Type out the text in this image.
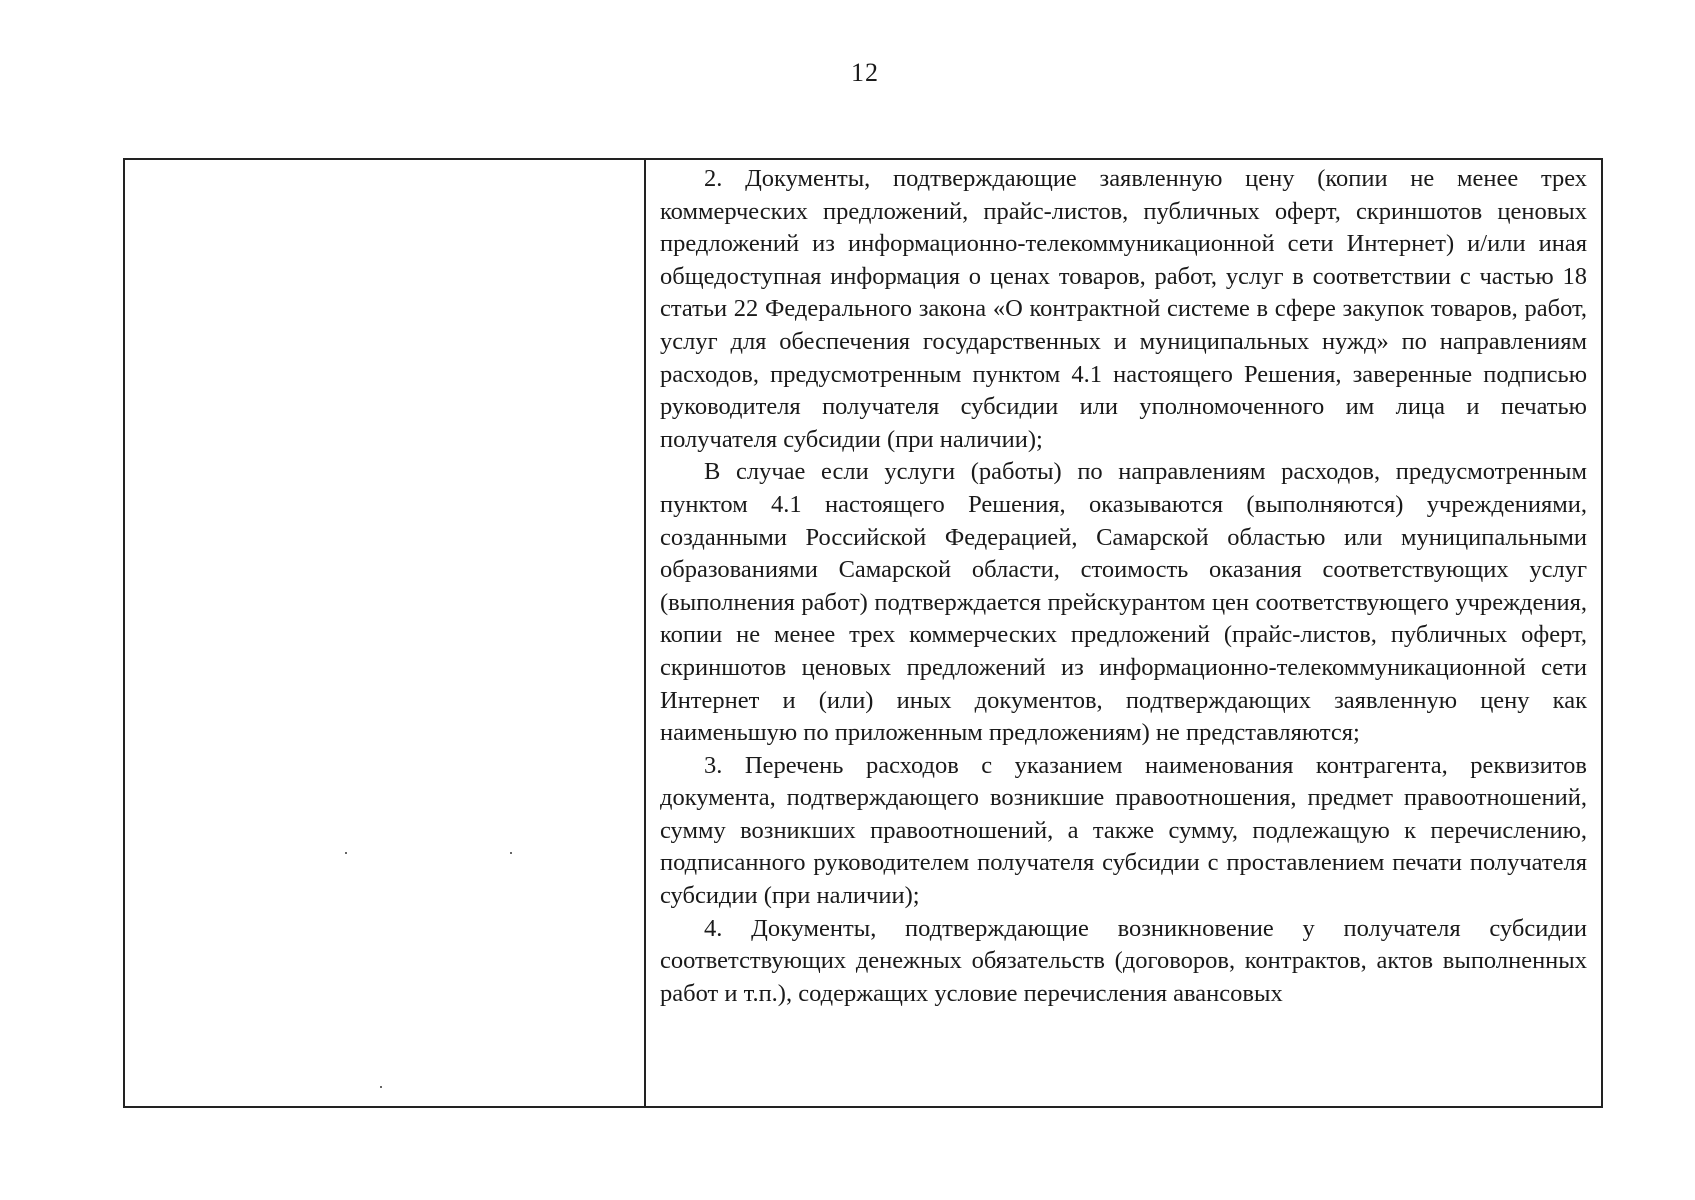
12

2. Документы, подтверждающие заявленную цену (копии не менее трех коммерческих предложений, прайс-листов, публичных оферт, скриншотов ценовых предложений из информационно-телекоммуникационной сети Интернет) и/или иная общедоступная информация о ценах товаров, работ, услуг в соответствии с частью 18 статьи 22 Федерального закона «О контрактной системе в сфере закупок товаров, работ, услуг для обеспечения государственных и муниципальных нужд» по направлениям расходов, предусмотренным пунктом 4.1 настоящего Решения, заверенные подписью руководителя получателя субсидии или уполномоченного им лица и печатью получателя субсидии (при наличии);

В случае если услуги (работы) по направлениям расходов, предусмотренным пунктом 4.1 настоящего Решения, оказываются (выполняются) учреждениями, созданными Российской Федерацией, Самарской областью или муниципальными образованиями Самарской области, стоимость оказания соответствующих услуг (выполнения работ) подтверждается прейскурантом цен соответствующего учреждения, копии не менее трех коммерческих предложений (прайс-листов, публичных оферт, скриншотов ценовых предложений из информационно-телекоммуникационной сети Интернет и (или) иных документов, подтверждающих заявленную цену как наименьшую по приложенным предложениям) не представляются;

3. Перечень расходов с указанием наименования контрагента, реквизитов документа, подтверждающего возникшие правоотношения, предмет правоотношений, сумму возникших правоотношений, а также сумму, подлежащую к перечислению, подписанного руководителем получателя субсидии с проставлением печати получателя субсидии (при наличии);

4. Документы, подтверждающие возникновение у получателя субсидии соответствующих денежных обязательств (договоров, контрактов, актов выполненных работ и т.п.), содержащих условие перечисления авансовых
